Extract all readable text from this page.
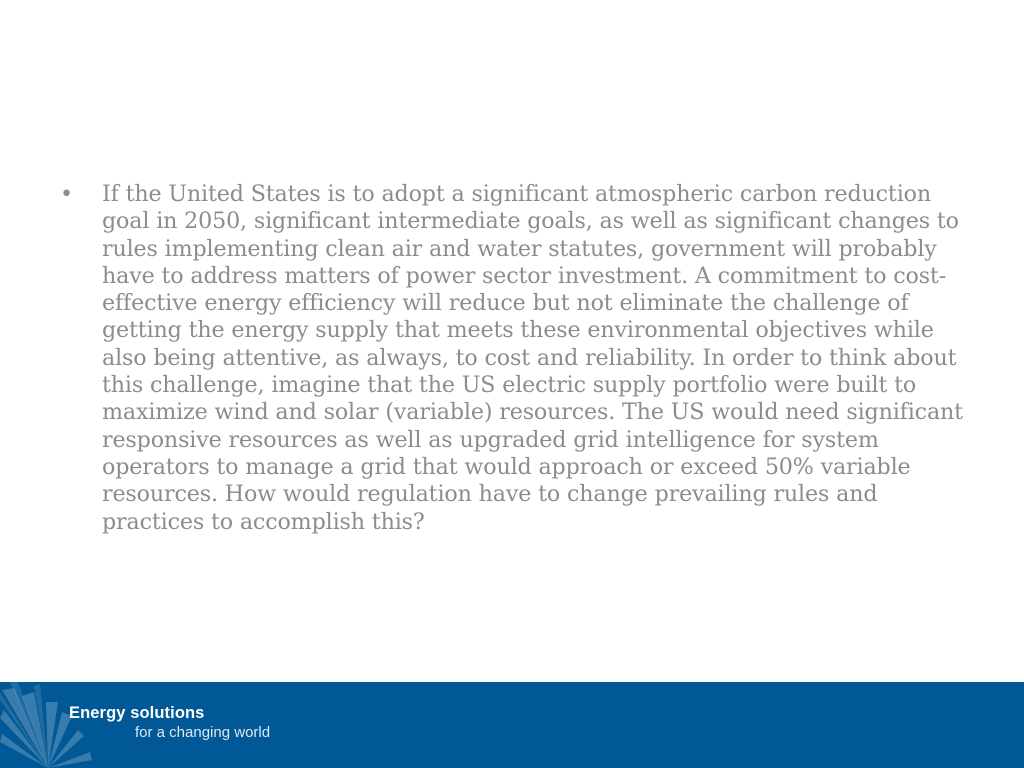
•	If the United States is to adopt a significant atmospheric carbon reduction goal in 2050, significant intermediate goals, as well as significant changes to rules implementing clean air and water statutes, government will probably have to address matters of power sector investment. A commitment to cost-effective energy efficiency will reduce but not eliminate the challenge of getting the energy supply that meets these environmental objectives while also being attentive, as always, to cost and reliability. In order to think about this challenge, imagine that the US electric supply portfolio were built to maximize wind and solar (variable) resources. The US would need significant responsive resources as well as upgraded grid intelligence for system operators to manage a grid that would approach or exceed 50% variable resources. How would regulation have to change prevailing rules and practices to accomplish this?
Energy solutions
for a changing world
